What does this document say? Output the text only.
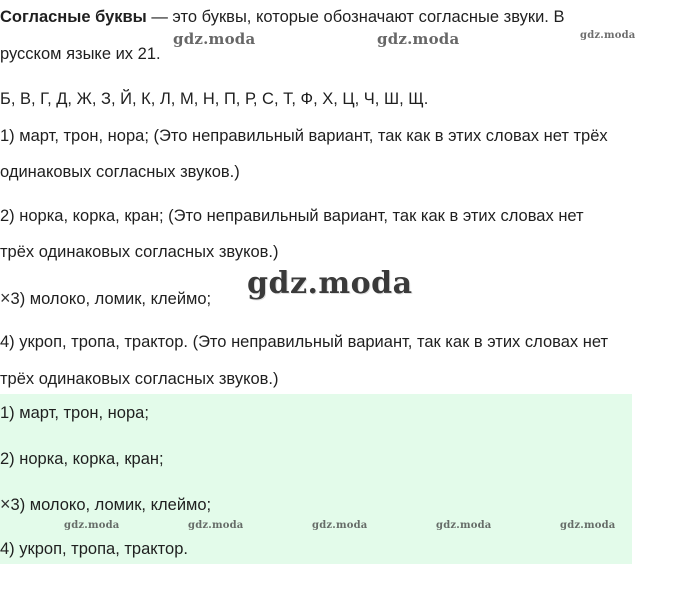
Согласные буквы — это буквы, которые обозначают согласные звуки. В
русском языке их 21.
Б, В, Г, Д, Ж, З, Й, К, Л, М, Н, П, Р, С, Т, Ф, Х, Ц, Ч, Ш, Щ.
1) март, трон, нора; (Это неправильный вариант, так как в этих словах нет трёх
одинаковых согласных звуков.)
2) норка, корка, кран; (Это неправильный вариант, так как в этих словах нет
трёх одинаковых согласных звуков.)
×3) молоко, ломик, клеймо;
4) укроп, тропа, трактор. (Это неправильный вариант, так как в этих словах нет
трёх одинаковых согласных звуков.)
1) март, трон, нора;
2) норка, корка, кран;
×3) молоко, ломик, клеймо;
4) укроп, тропа, трактор.
gdz.moda	gdz.moda	gdz.moda
gdz.moda
gdz.moda	gdz.moda	gdz.moda	gdz.moda	gdz.moda
